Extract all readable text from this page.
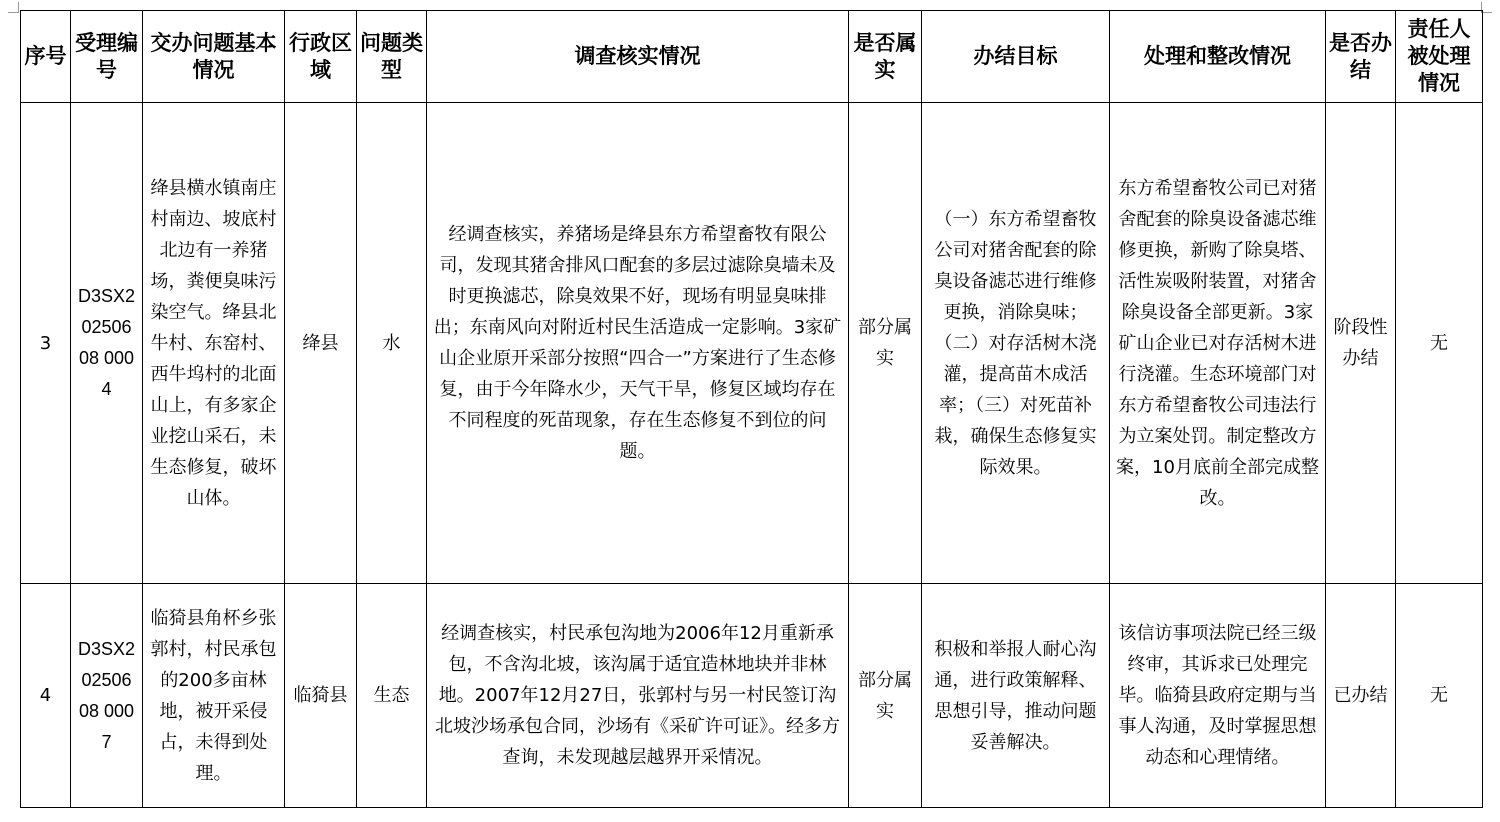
序号	受理编号	交办问题基本情况	行政区域	问题类型	调查核实情况	是否属实	办结目标	处理和整改情况	是否办结	责任人被处理情况
3	D3SX20250608 0004	绛县横水镇南庄村南边、坡底村北边有一养猪场，粪便臭味污染空气。绛县北牛村、东窑村、西牛坞村的北面山上，有多家企业挖山采石，未生态修复，破坏山体。	绛县	水	经调查核实，养猪场是绛县东方希望畜牧有限公司，发现其猪舍排风口配套的多层过滤除臭墙未及时更换滤芯，除臭效果不好，现场有明显臭味排出；东南风向对附近村民生活造成一定影响。3家矿山企业原开采部分按照“四合一”方案进行了生态修复，由于今年降水少，天气干旱，修复区域均存在不同程度的死苗现象，存在生态修复不到位的问题。	部分属实	（一）东方希望畜牧公司对猪舍配套的除臭设备滤芯进行维修更换，消除臭味；（二）对存活树木浇灌，提高苗木成活率；（三）对死苗补栽，确保生态修复实际效果。	东方希望畜牧公司已对猪舍配套的除臭设备滤芯维修更换，新购了除臭塔、活性炭吸附装置，对猪舍除臭设备全部更新。3家矿山企业已对存活树木进行浇灌。生态环境部门对东方希望畜牧公司违法行为立案处罚。制定整改方案，10月底前全部完成整改。	阶段性办结	无
4	D3SX20250608 0007	临猗县角杯乡张郭村，村民承包的200多亩林地，被开采侵占，未得到处理。	临猗县	生态	经调查核实，村民承包沟地为2006年12月重新承包，不含沟北坡，该沟属于适宜造林地块并非林地。2007年12月27日，张郭村与另一村民签订沟北坡沙场承包合同，沙场有《采矿许可证》。经多方查询，未发现越层越界开采情况。	部分属实	积极和举报人耐心沟通，进行政策解释、思想引导，推动问题妥善解决。	该信访事项法院已经三级终审，其诉求已处理完毕。临猗县政府定期与当事人沟通，及时掌握思想动态和心理情绪。	已办结	无
